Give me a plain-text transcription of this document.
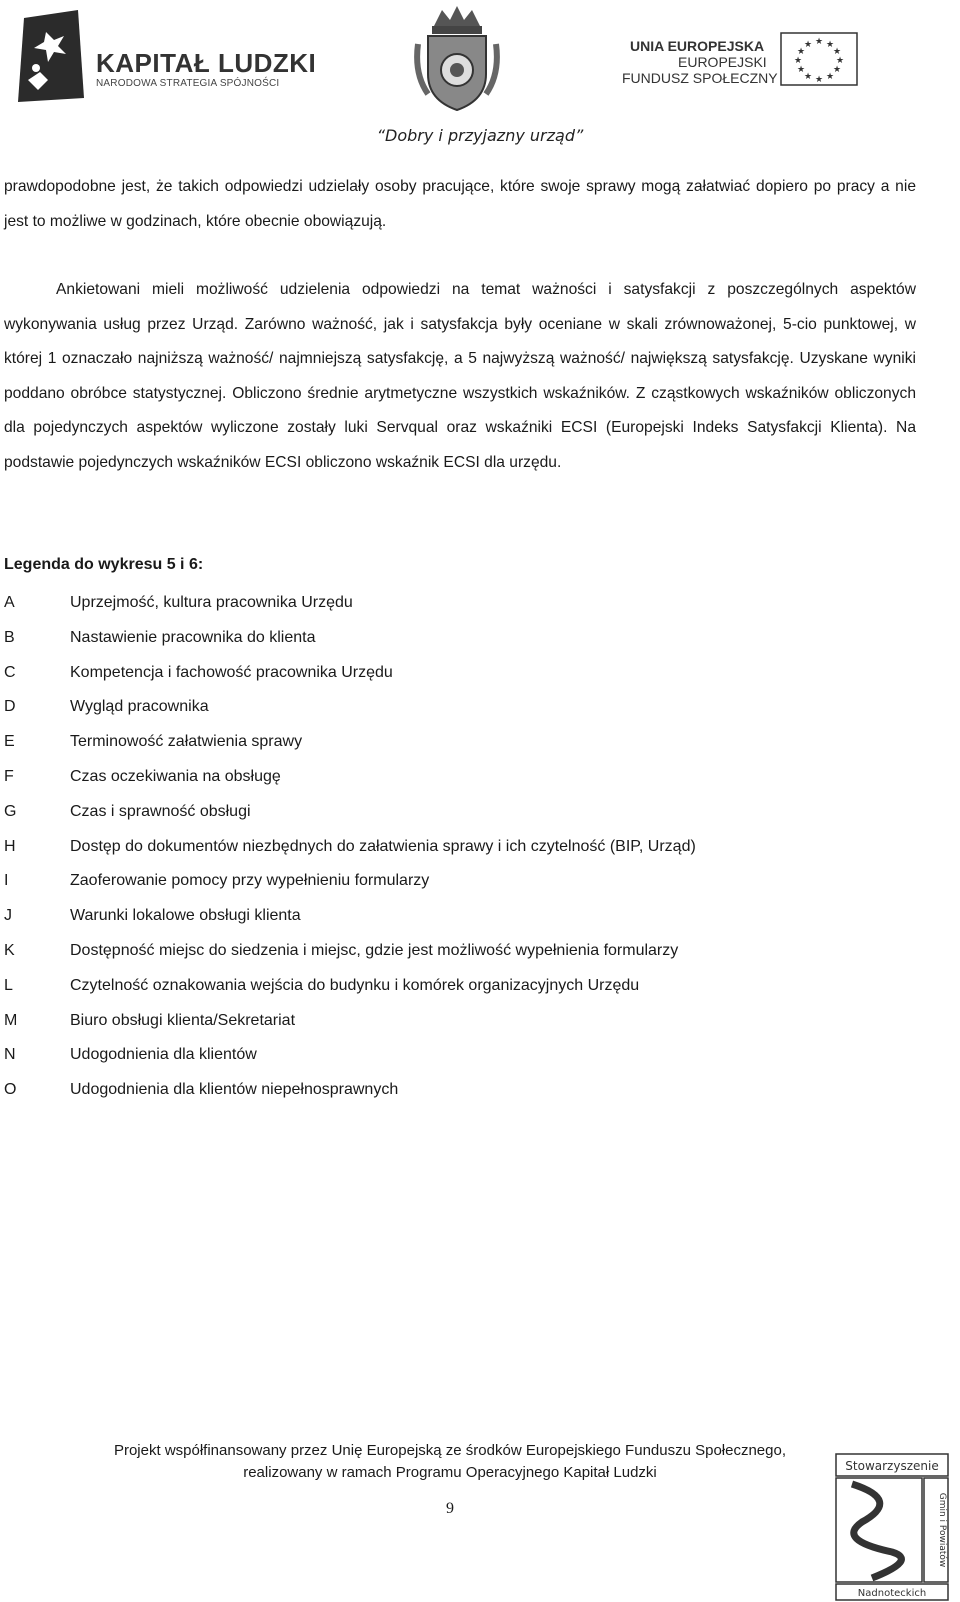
KAPITAŁ LUDZKI
NARODOWA STRATEGIA SPÓJNOŚCI
UNIA EUROPEJSKA
EUROPEJSKI
FUNDUSZ SPOŁECZNY
★ ★
★
★
★
★
★
★
★
★
★
★
“Dobry i przyjazny urząd”

prawdopodobne jest, że takich odpowiedzi udzielały osoby pracujące, które swoje sprawy mogą załatwiać dopiero po pracy a nie jest to możliwe w godzinach, które obecnie obowiązują.

Ankietowani mieli możliwość udzielenia odpowiedzi na temat ważności i satysfakcji z poszczególnych aspektów wykonywania usług przez Urząd. Zarówno ważność, jak i satysfakcja były oceniane w skali zrównoważonej, 5-cio punktowej, w której 1 oznaczało najniższą ważność/ najmniejszą satysfakcję, a 5 najwyższą ważność/ największą satysfakcję. Uzyskane wyniki poddano obróbce statystycznej. Obliczono średnie arytmetyczne wszystkich wskaźników. Z cząstkowych wskaźników obliczonych dla pojedynczych aspektów wyliczone zostały luki Servqual oraz wskaźniki ECSI (Europejski Indeks Satysfakcji Klienta). Na podstawie pojedynczych wskaźników ECSI obliczono wskaźnik ECSI dla urzędu.

Legenda do wykresu 5 i 6:
A	Uprzejmość, kultura pracownika Urzędu
B	Nastawienie pracownika do klienta
C	Kompetencja i fachowość pracownika Urzędu
D	Wygląd pracownika
E	Terminowość załatwienia sprawy
F	Czas oczekiwania na obsługę
G	Czas i sprawność obsługi
H	Dostęp do dokumentów niezbędnych do załatwienia sprawy i ich czytelność (BIP, Urząd)
I	Zaoferowanie pomocy przy wypełnieniu formularzy
J	Warunki lokalowe obsługi klienta
K	Dostępność miejsc do siedzenia i miejsc, gdzie jest możliwość wypełnienia formularzy
L	Czytelność oznakowania wejścia do budynku i komórek organizacyjnych Urzędu
M	Biuro obsługi klienta/Sekretariat
N	Udogodnienia dla klientów
O	Udogodnienia dla klientów niepełnosprawnych
Projekt współfinansowany przez Unię Europejską ze środków Europejskiego Funduszu Społecznego,
realizowany w ramach Programu Operacyjnego Kapitał Ludzki
9
Stowarzyszenie
Gmin i Powiatów
Nadnoteckich
